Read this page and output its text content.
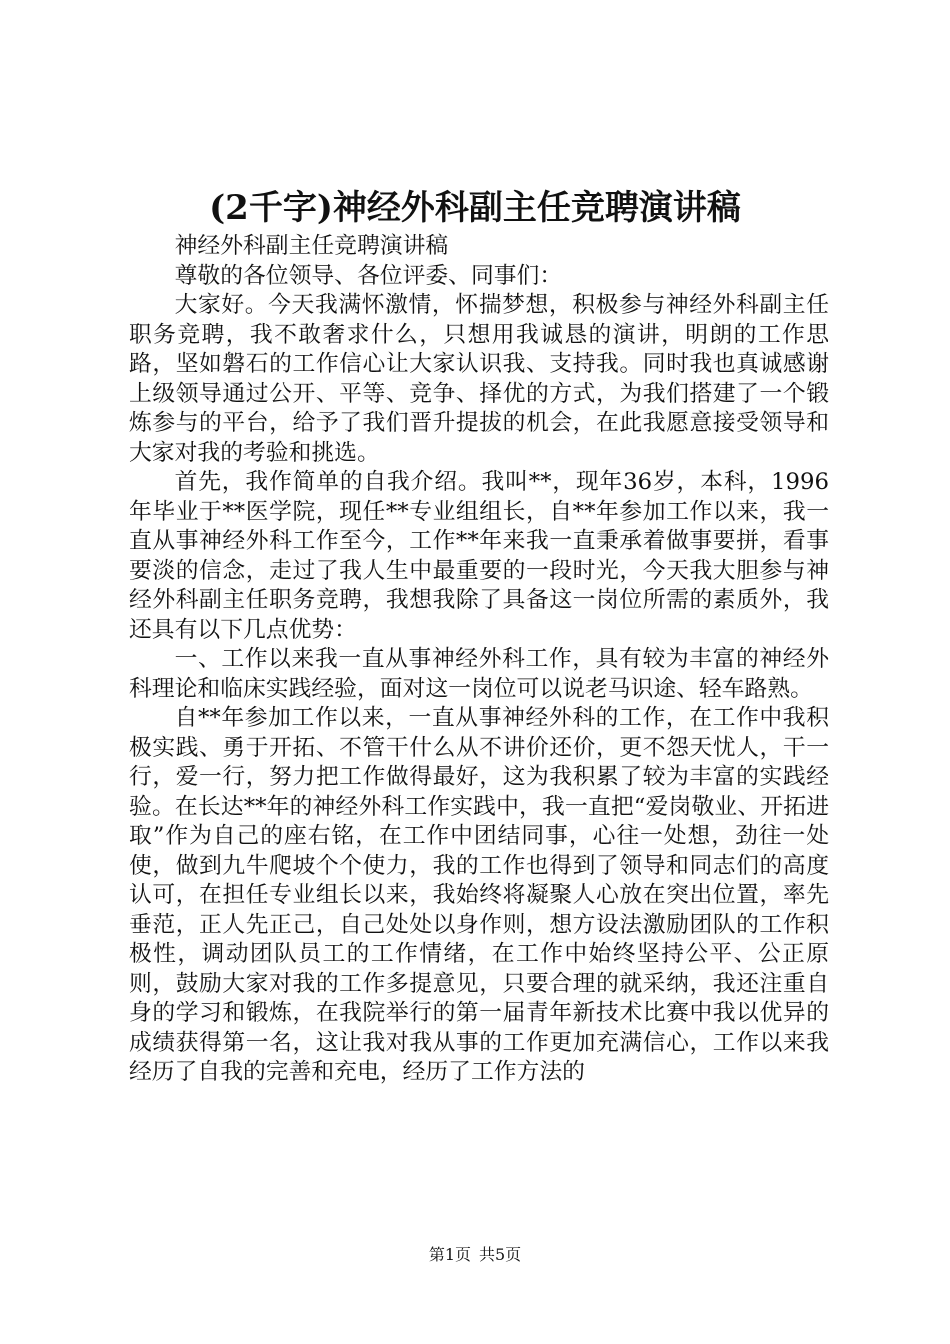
(2千字)神经外科副主任竞聘演讲稿

神经外科副主任竞聘演讲稿

尊敬的各位领导、各位评委、同事们：

大家好。今天我满怀激情，怀揣梦想，积极参与神经外科副主任职务竞聘，我不敢奢求什么，只想用我诚恳的演讲，明朗的工作思路，坚如磐石的工作信心让大家认识我、支持我。同时我也真诚感谢上级领导通过公开、平等、竞争、择优的方式，为我们搭建了一个锻炼参与的平台，给予了我们晋升提拔的机会，在此我愿意接受领导和大家对我的考验和挑选。

首先，我作简单的自我介绍。我叫**，现年36岁，本科，1996年毕业于**医学院，现任**专业组组长，自**年参加工作以来，我一直从事神经外科工作至今，工作**年来我一直秉承着做事要拼，看事要淡的信念，走过了我人生中最重要的一段时光，今天我大胆参与神经外科副主任职务竞聘，我想我除了具备这一岗位所需的素质外，我还具有以下几点优势：

一、工作以来我一直从事神经外科工作，具有较为丰富的神经外科理论和临床实践经验，面对这一岗位可以说老马识途、轻车路熟。

自**年参加工作以来，一直从事神经外科的工作，在工作中我积极实践、勇于开拓、不管干什么从不讲价还价，更不怨天忧人，干一行，爱一行，努力把工作做得最好，这为我积累了较为丰富的实践经验。在长达**年的神经外科工作实践中，我一直把“爱岗敬业、开拓进取”作为自己的座右铭，在工作中团结同事，心往一处想，劲往一处使，做到九牛爬坡个个使力，我的工作也得到了领导和同志们的高度认可，在担任专业组长以来，我始终将凝聚人心放在突出位置，率先垂范，正人先正己，自己处处以身作则，想方设法激励团队的工作积极性，调动团队员工的工作情绪，在工作中始终坚持公平、公正原则，鼓励大家对我的工作多提意见，只要合理的就采纳，我还注重自身的学习和锻炼，在我院举行的第一届青年新技术比赛中我以优异的成绩获得第一名，这让我对我从事的工作更加充满信心，工作以来我经历了自我的完善和充电，经历了工作方法的

第1页 共5页
